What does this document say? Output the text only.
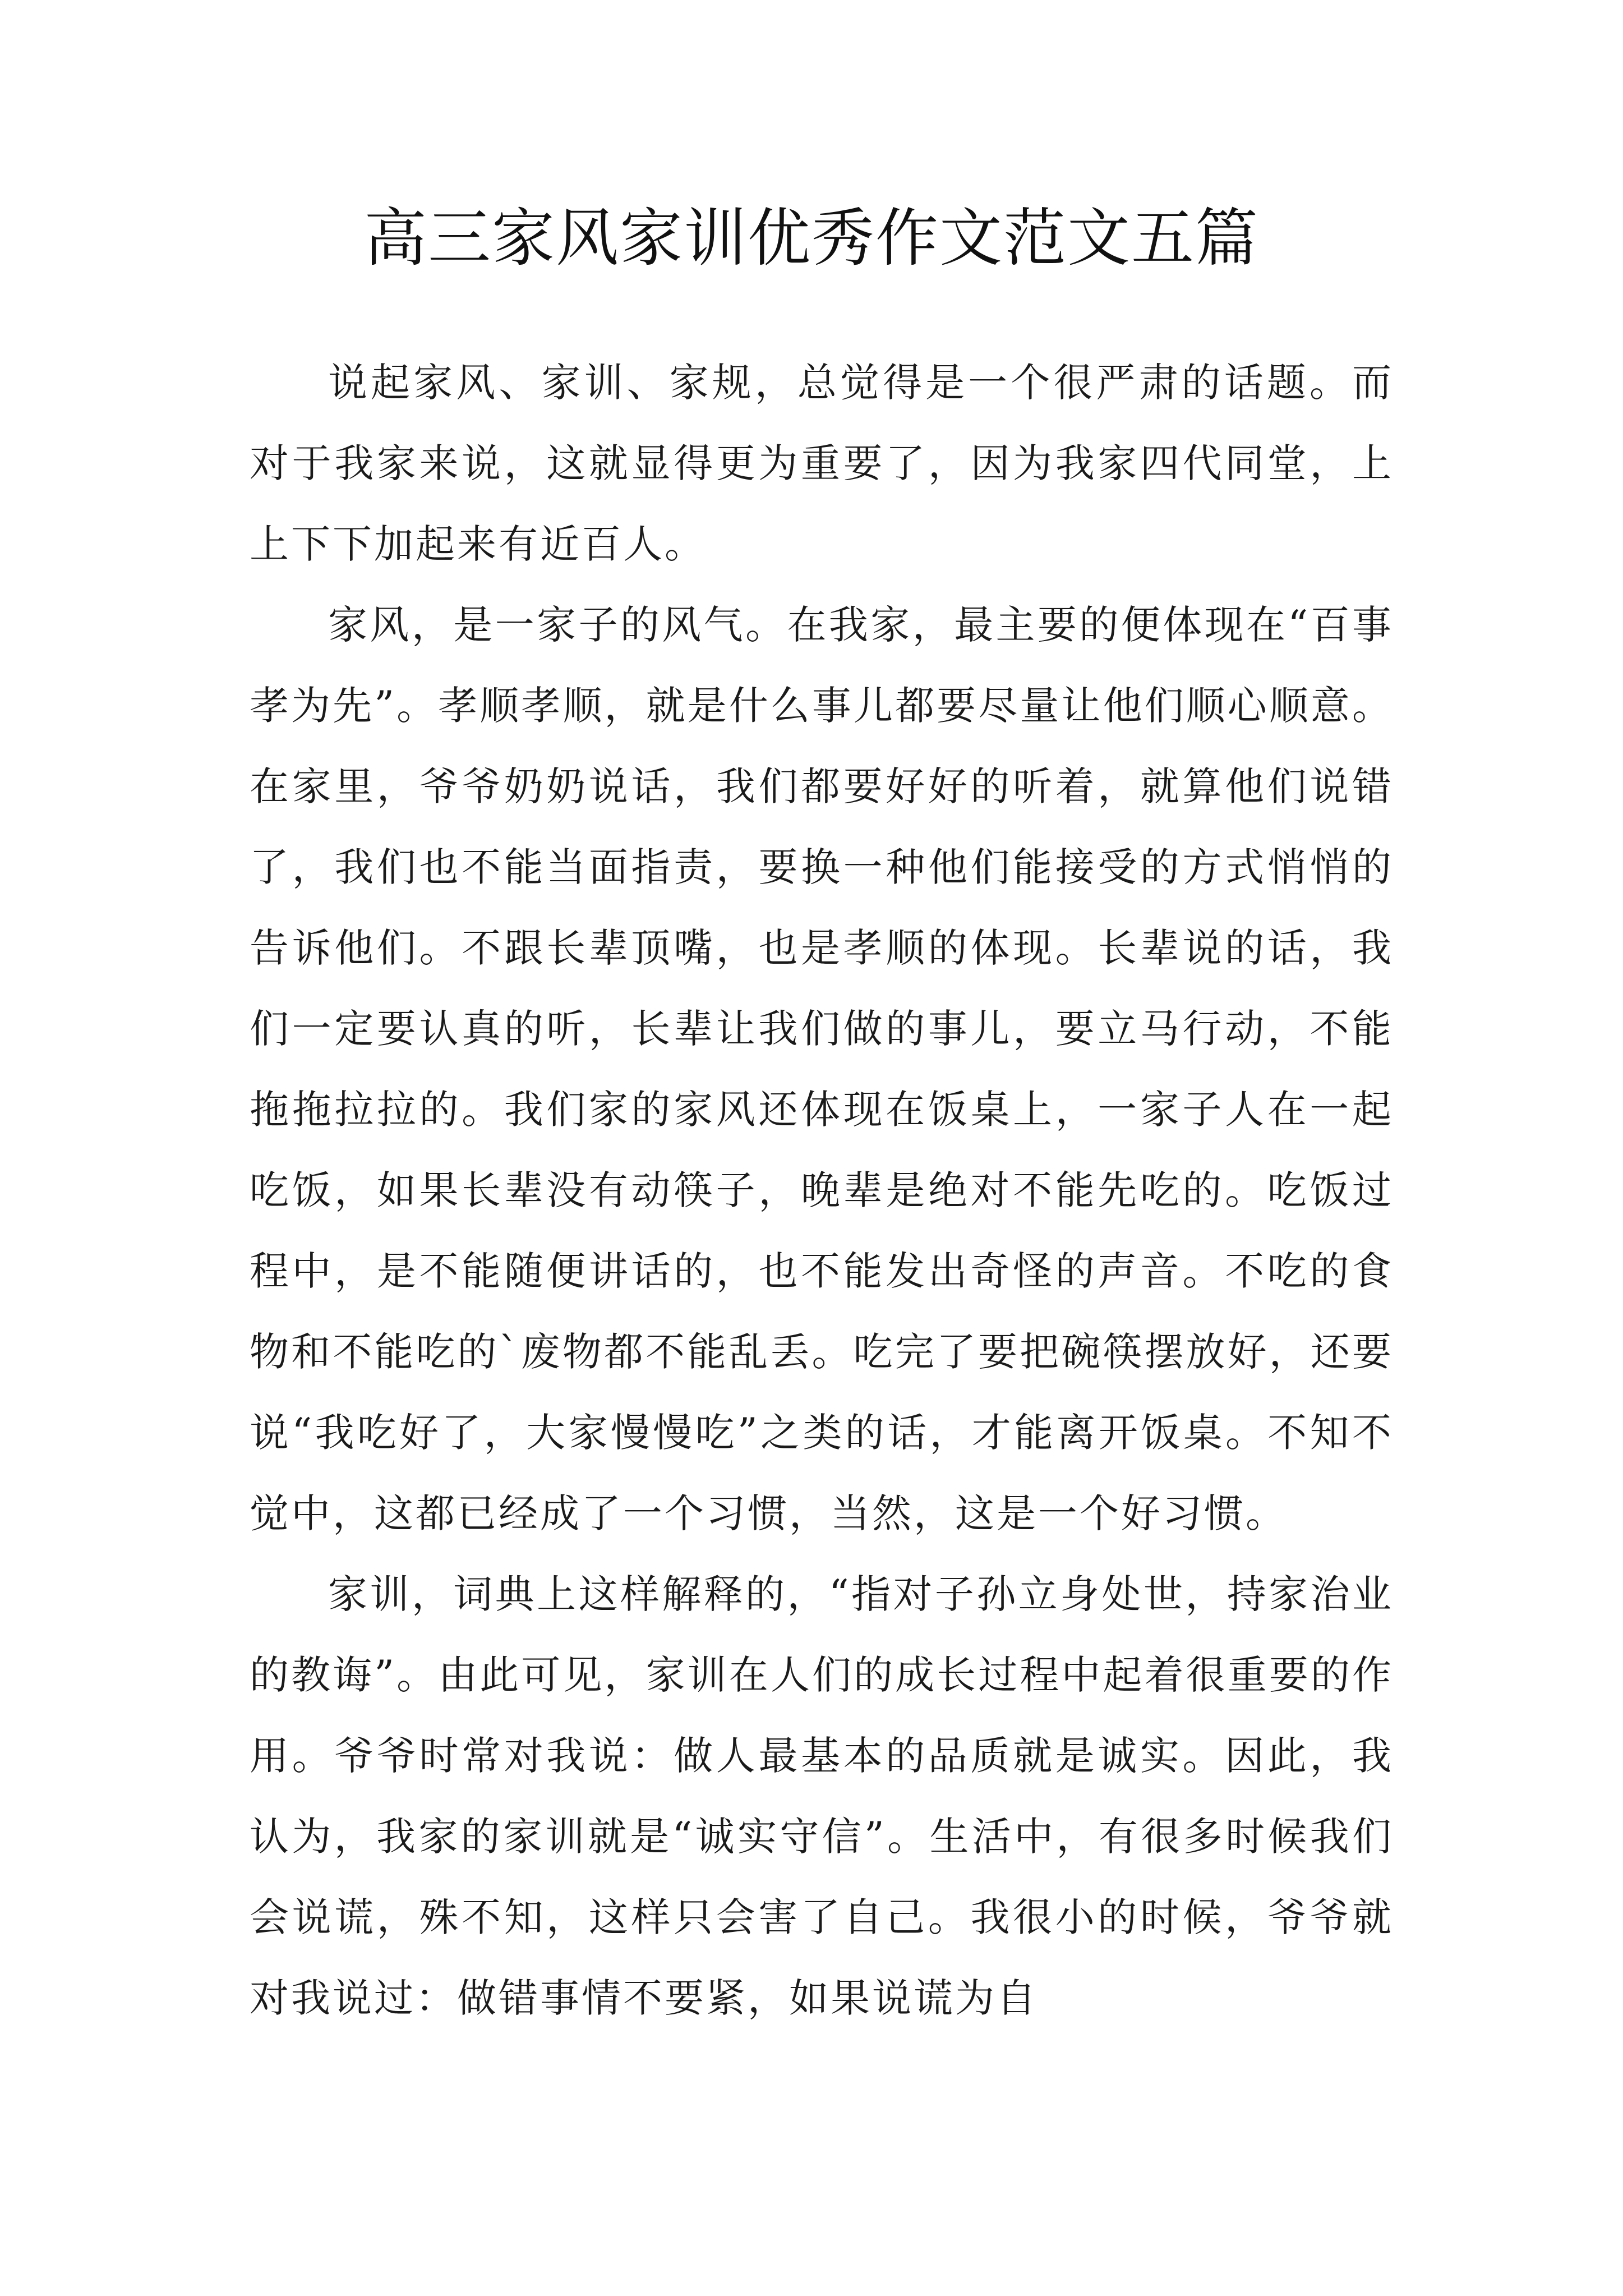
高三家风家训优秀作文范文五篇

说起家风、家训、家规，总觉得是一个很严肃的话题。而对于我家来说，这就显得更为重要了，因为我家四代同堂，上上下下加起来有近百人。

家风，是一家子的风气。在我家，最主要的便体现在“百事孝为先”。孝顺孝顺，就是什么事儿都要尽量让他们顺心顺意。在家里，爷爷奶奶说话，我们都要好好的听着，就算他们说错了，我们也不能当面指责，要换一种他们能接受的方式悄悄的告诉他们。不跟长辈顶嘴，也是孝顺的体现。长辈说的话，我们一定要认真的听，长辈让我们做的事儿，要立马行动，不能拖拖拉拉的。我们家的家风还体现在饭桌上，一家子人在一起吃饭，如果长辈没有动筷子，晚辈是绝对不能先吃的。吃饭过程中，是不能随便讲话的，也不能发出奇怪的声音。不吃的食物和不能吃的`废物都不能乱丢。吃完了要把碗筷摆放好，还要说“我吃好了，大家慢慢吃”之类的话，才能离开饭桌。不知不觉中，这都已经成了一个习惯，当然，这是一个好习惯。

家训，词典上这样解释的，“指对子孙立身处世，持家治业的教诲”。由此可见，家训在人们的成长过程中起着很重要的作用。爷爷时常对我说：做人最基本的品质就是诚实。因此，我认为，我家的家训就是“诚实守信”。生活中，有很多时候我们会说谎，殊不知，这样只会害了自己。我很小的时候，爷爷就对我说过：做错事情不要紧，如果说谎为自
